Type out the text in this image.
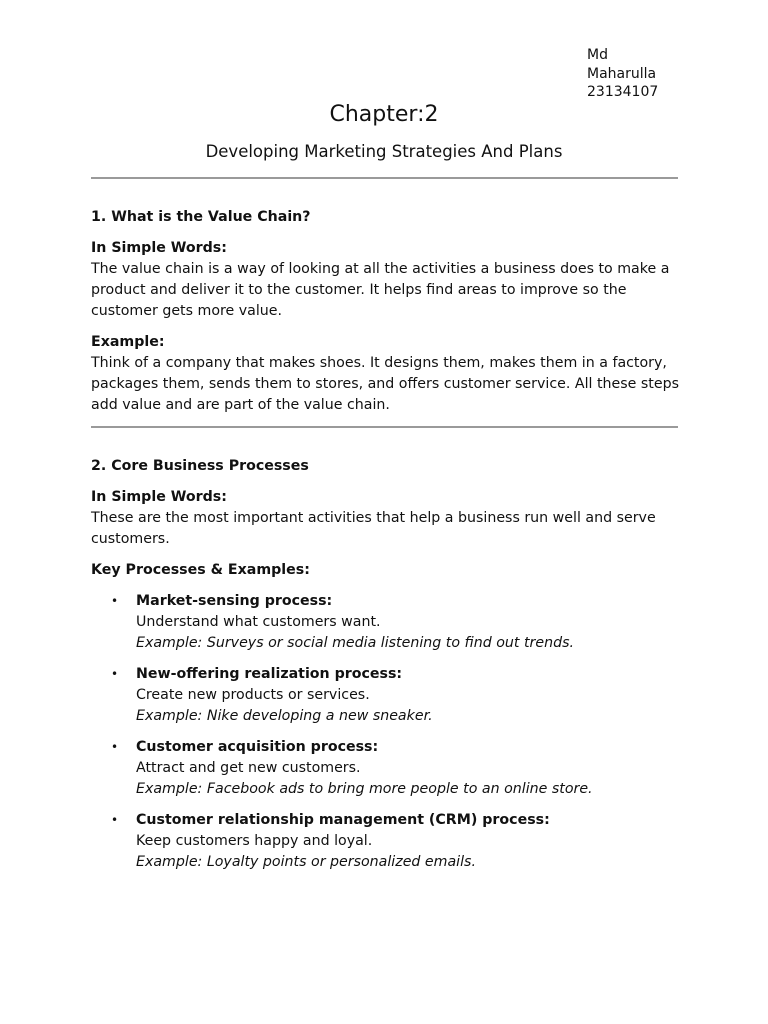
Md
Maharulla
23134107
Chapter:2
Developing Marketing Strategies And Plans

1. What is the Value Chain?

In Simple Words:

The value chain is a way of looking at all the activities a business does to make a product and deliver it to the customer. It helps find areas to improve so the customer gets more value.

Example:

Think of a company that makes shoes. It designs them, makes them in a factory, packages them, sends them to stores, and offers customer service. All these steps add value and are part of the value chain.

2. Core Business Processes

In Simple Words:

These are the most important activities that help a business run well and serve customers.

Key Processes & Examples:

• Market-sensing process:
Understand what customers want.
Example: Surveys or social media listening to find out trends.
• New-offering realization process:
Create new products or services.
Example: Nike developing a new sneaker.
• Customer acquisition process:
Attract and get new customers.
Example: Facebook ads to bring more people to an online store.
• Customer relationship management (CRM) process:
Keep customers happy and loyal.
Example: Loyalty points or personalized emails.
